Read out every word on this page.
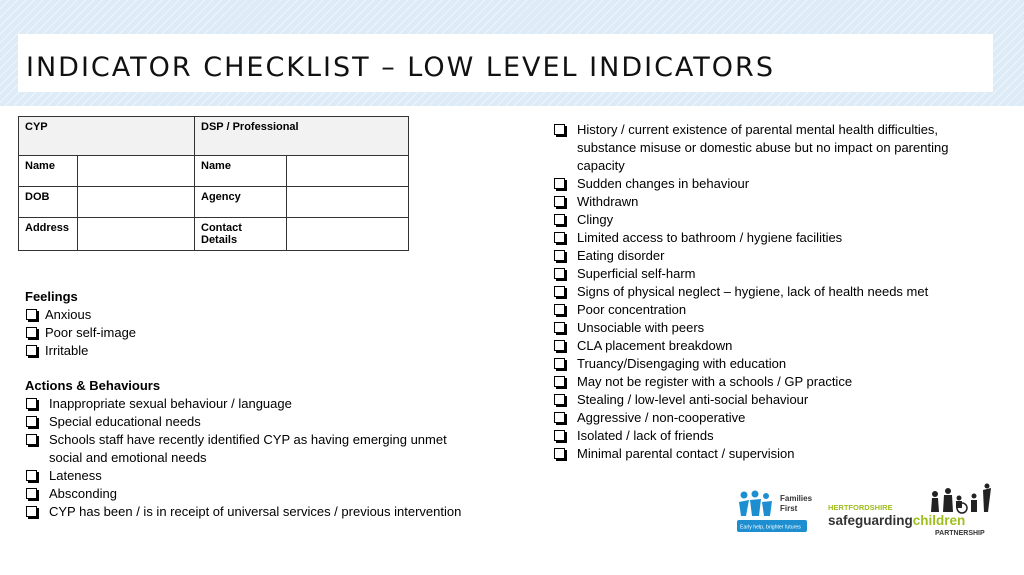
INDICATOR CHECKLIST – LOW LEVEL INDICATORS
CYP		DSP / Professional	
Name		Name	
DOB		Agency	
Address		Contact Details	
Feelings
Anxious
Poor self-image
Irritable
Actions & Behaviours
Inappropriate sexual behaviour / language
Special educational needs
Schools staff have recently identified CYP as having emerging unmet social and emotional needs
Lateness
Absconding
CYP has been / is in receipt of universal services / previous intervention
History / current existence of parental mental health difficulties, substance misuse or domestic abuse but no impact on parenting capacity
Sudden changes in behaviour
Withdrawn
Clingy
Limited access to bathroom / hygiene facilities
Eating disorder
Superficial self-harm
Signs of physical neglect – hygiene, lack of health needs met
Poor concentration
Unsociable with peers
CLA placement breakdown
Truancy/Disengaging with education
May not be register with a schools / GP practice
Stealing / low-level anti-social behaviour
Aggressive / non-cooperative
Isolated / lack of friends
Minimal parental contact / supervision
Families
First
Early help, brighter futures
HERTFORDSHIRE
safeguardingchildren
PARTNERSHIP
